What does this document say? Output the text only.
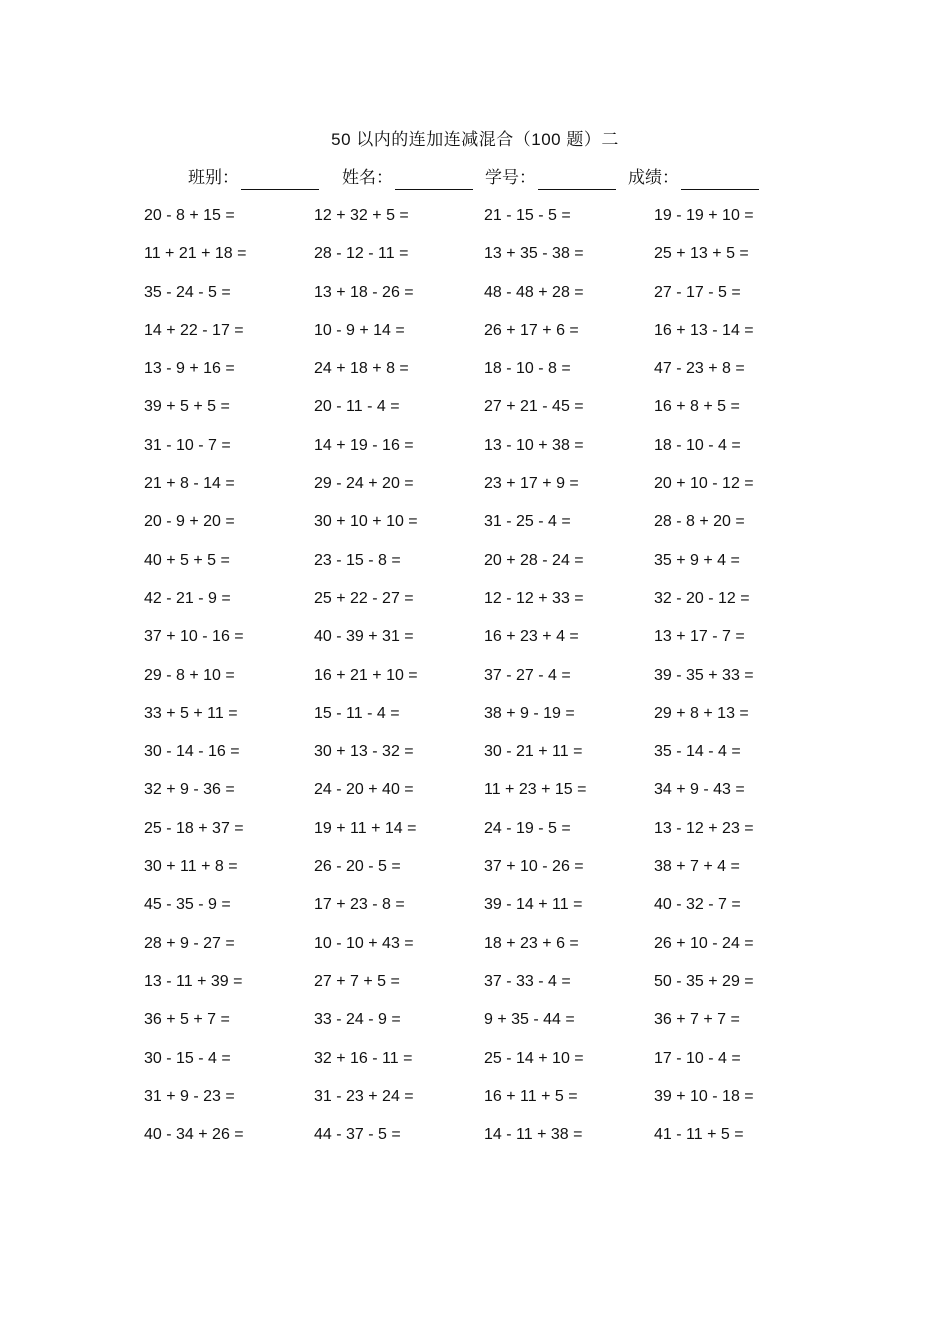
50 以内的连加连减混合（100 题）二
班别：	姓名：	学号：	成绩：
20 - 8 + 15 =	12 + 32 + 5 =	21 - 15 - 5 =	19 - 19 + 10 =
11 + 21 + 18 =	28 - 12 - 11 =	13 + 35 - 38 =	25 + 13 + 5 =
35 - 24 - 5 =	13 + 18 - 26 =	48 - 48 + 28 =	27 - 17 - 5 =
14 + 22 - 17 =	10 - 9 + 14 =	26 + 17 + 6 =	16 + 13 - 14 =
13 - 9 + 16 =	24 + 18 + 8 =	18 - 10 - 8 =	47 - 23 + 8 =
39 + 5 + 5 =	20 - 11 - 4 =	27 + 21 - 45 =	16 + 8 + 5 =
31 - 10 - 7 =	14 + 19 - 16 =	13 - 10 + 38 =	18 - 10 - 4 =
21 + 8 - 14 =	29 - 24 + 20 =	23 + 17 + 9 =	20 + 10 - 12 =
20 - 9 + 20 =	30 + 10 + 10 =	31 - 25 - 4 =	28 - 8 + 20 =
40 + 5 + 5 =	23 - 15 - 8 =	20 + 28 - 24 =	35 + 9 + 4 =
42 - 21 - 9 =	25 + 22 - 27 =	12 - 12 + 33 =	32 - 20 - 12 =
37 + 10 - 16 =	40 - 39 + 31 =	16 + 23 + 4 =	13 + 17 - 7 =
29 - 8 + 10 =	16 + 21 + 10 =	37 - 27 - 4 =	39 - 35 + 33 =
33 + 5 + 11 =	15 - 11 - 4 =	38 + 9 - 19 =	29 + 8 + 13 =
30 - 14 - 16 =	30 + 13 - 32 =	30 - 21 + 11 =	35 - 14 - 4 =
32 + 9 - 36 =	24 - 20 + 40 =	11 + 23 + 15 =	34 + 9 - 43 =
25 - 18 + 37 =	19 + 11 + 14 =	24 - 19 - 5 =	13 - 12 + 23 =
30 + 11 + 8 =	26 - 20 - 5 =	37 + 10 - 26 =	38 + 7 + 4 =
45 - 35 - 9 =	17 + 23 - 8 =	39 - 14 + 11 =	40 - 32 - 7 =
28 + 9 - 27 =	10 - 10 + 43 =	18 + 23 + 6 =	26 + 10 - 24 =
13 - 11 + 39 =	27 + 7 + 5 =	37 - 33 - 4 =	50 - 35 + 29 =
36 + 5 + 7 =	33 - 24 - 9 =	9 + 35 - 44 =	36 + 7 + 7 =
30 - 15 - 4 =	32 + 16 - 11 =	25 - 14 + 10 =	17 - 10 - 4 =
31 + 9 - 23 =	31 - 23 + 24 =	16 + 11 + 5 =	39 + 10 - 18 =
40 - 34 + 26 =	44 - 37 - 5 =	14 - 11 + 38 =	41 - 11 + 5 =
